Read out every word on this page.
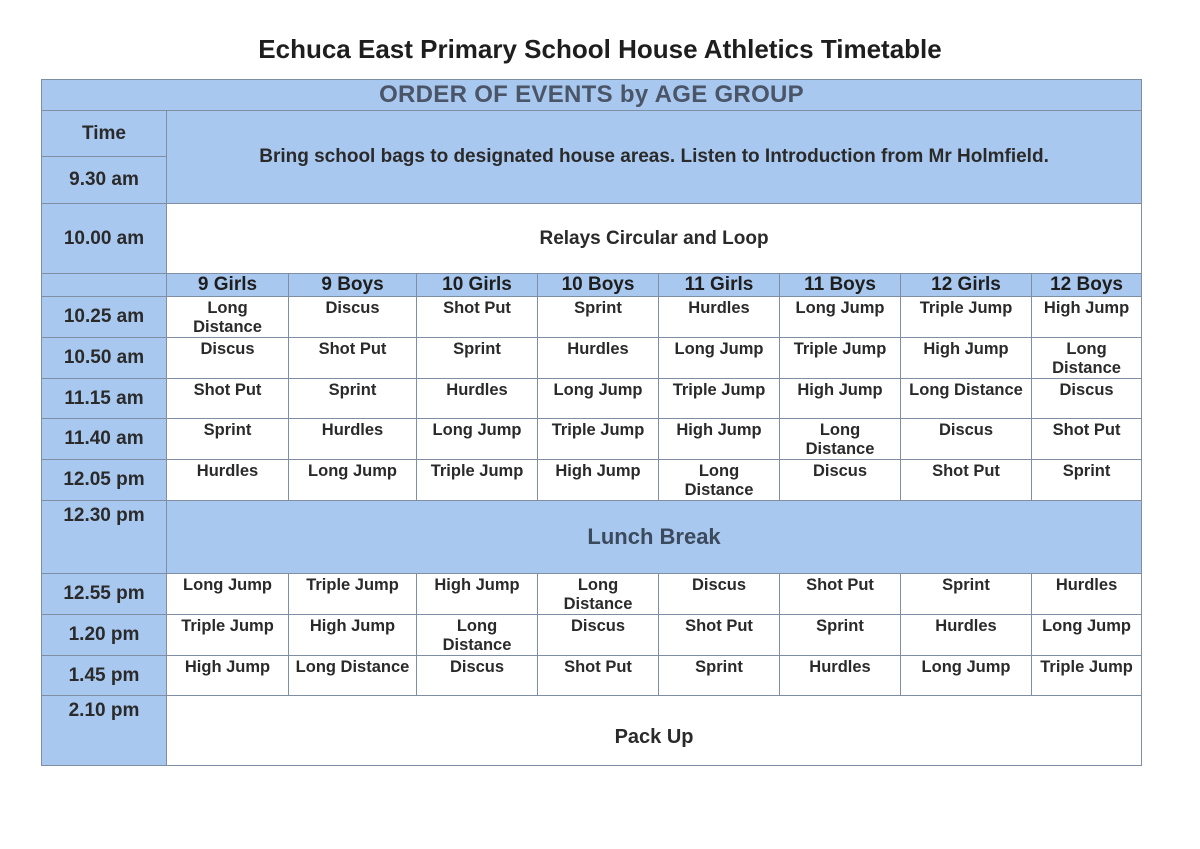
Echuca East Primary School House Athletics Timetable
ORDER OF EVENTS by AGE GROUP								
Time	Bring school bags to designated house areas. Listen to Introduction from Mr Holmfield.							
9.30 am								
10.00 am	Relays Circular and Loop							
	9 Girls	9 Boys	10 Girls	10 Boys	11 Girls	11 Boys	12 Girls	12 Boys
10.25 am	Long Distance	Discus	Shot Put	Sprint	Hurdles	Long Jump	Triple Jump	High Jump
10.50 am	Discus	Shot Put	Sprint	Hurdles	Long Jump	Triple Jump	High Jump	Long Distance
11.15 am	Shot Put	Sprint	Hurdles	Long Jump	Triple Jump	High Jump	Long Distance	Discus
11.40 am	Sprint	Hurdles	Long Jump	Triple Jump	High Jump	Long Distance	Discus	Shot Put
12.05 pm	Hurdles	Long Jump	Triple Jump	High Jump	Long Distance	Discus	Shot Put	Sprint
12.30 pm	Lunch Break							
12.55 pm	Long Jump	Triple Jump	High Jump	Long Distance	Discus	Shot Put	Sprint	Hurdles
1.20 pm	Triple Jump	High Jump	Long Distance	Discus	Shot Put	Sprint	Hurdles	Long Jump
1.45 pm	High Jump	Long Distance	Discus	Shot Put	Sprint	Hurdles	Long Jump	Triple Jump
2.10 pm	Pack Up							
